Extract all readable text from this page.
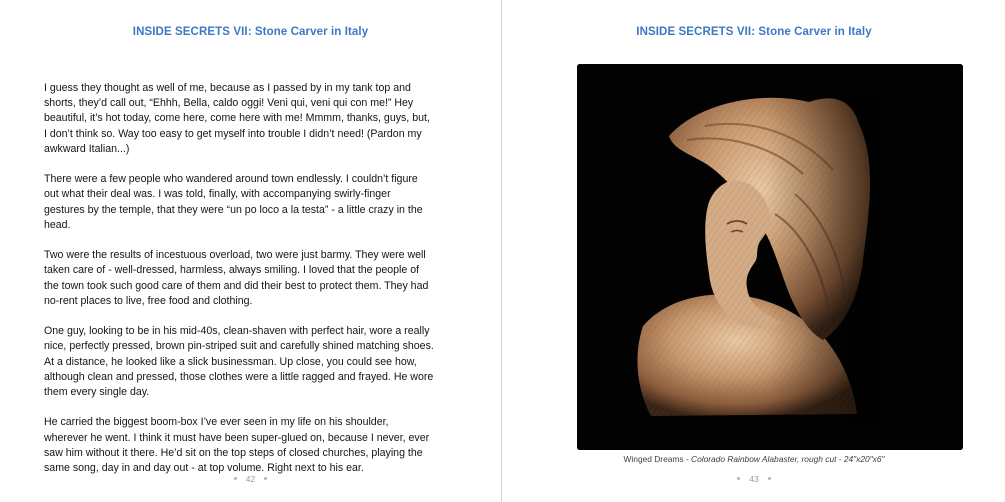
INSIDE SECRETS VII: Stone Carver in Italy

I guess they thought as well of me, because as I passed by in my tank top and shorts, they’d call out, “Ehhh, Bella, caldo oggi! Veni qui, veni qui con me!” Hey beautiful, it’s hot today, come here, come here with me! Mmmm, thanks, guys, but, I don’t think so. Way too easy to get myself into trouble I didn’t need! (Pardon my awkward Italian...)

There were a few people who wandered around town endlessly. I couldn’t figure out what their deal was. I was told, finally, with accompanying swirly-finger gestures by the temple, that they were “un po loco a la testa” - a little crazy in the head.

Two were the results of incestuous overload, two were just barmy. They were well taken care of - well-dressed, harmless, always smiling. I loved that the people of the town took such good care of them and did their best to protect them. They had no-rent places to live, free food and clothing.

One guy, looking to be in his mid-40s, clean-shaven with perfect hair, wore a really nice, perfectly pressed, brown pin-striped suit and carefully shined matching shoes. At a distance, he looked like a slick businessman. Up close, you could see how, although clean and pressed, those clothes were a little ragged and frayed. He wore them every single day.

He carried the biggest boom-box I’ve ever seen in my life on his shoulder, wherever he went. I think it must have been super-glued on, because I never, ever saw him without it there. He’d sit on the top steps of closed churches, playing the same song, day in and day out - at top volume. Right next to his ear.

42
INSIDE SECRETS VII: Stone Carver in Italy
Winged Dreams - Colorado Rainbow Alabaster, rough cut - 24"x20"x6"
43
